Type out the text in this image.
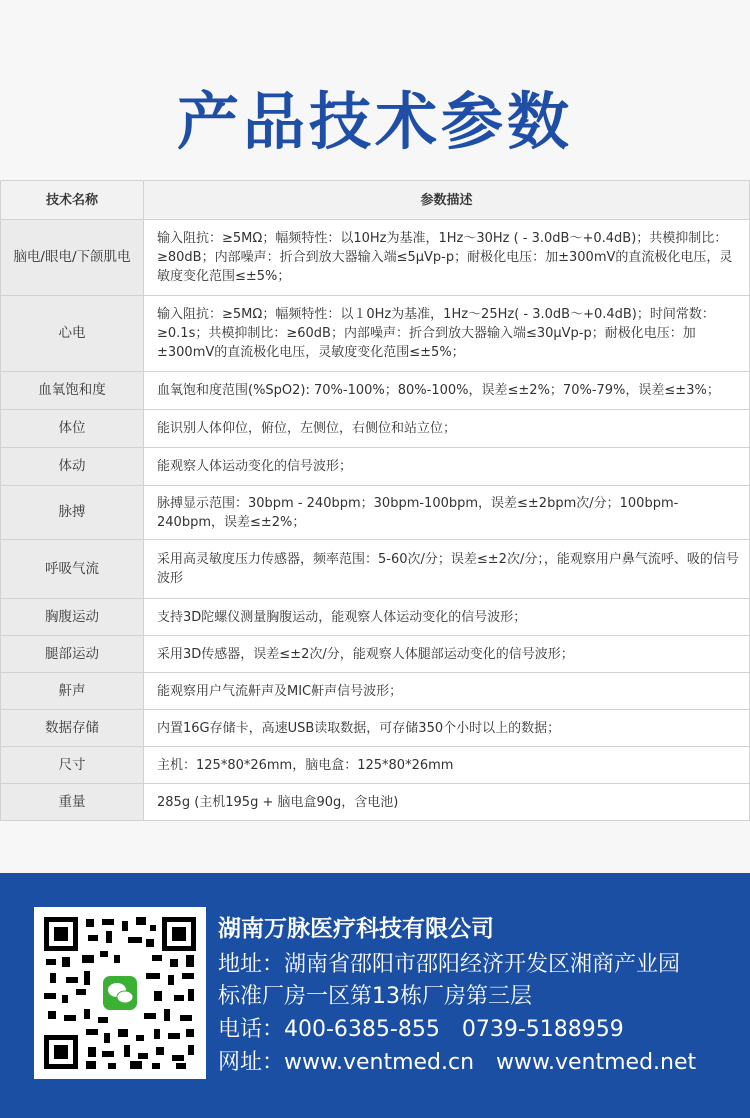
产品技术参数
技术名称	参数描述
脑电/眼电/下颌肌电	输入阻抗：≥5MΩ；幅频特性：以10Hz为基准，1Hz～30Hz ( - 3.0dB～+0.4dB)；共模抑制比：≥80dB；内部噪声：折合到放大器输入端≤5μVp-p；耐极化电压：加±300mV的直流极化电压，灵敏度变化范围≤±5%；
心电	输入阻抗：≥5MΩ；幅频特性：以１0Hz为基准，1Hz～25Hz( - 3.0dB～+0.4dB)；时间常数：≥0.1s；共模抑制比：≥60dB；内部噪声：折合到放大器输入端≤30μVp-p；耐极化电压：加±300mV的直流极化电压，灵敏度变化范围≤±5%；
血氧饱和度	血氧饱和度范围(%SpO2): 70%-100%；80%-100%，误差≤±2%；70%-79%，误差≤±3%；
体位	能识别人体仰位，俯位，左侧位，右侧位和站立位；
体动	能观察人体运动变化的信号波形；
脉搏	脉搏显示范围：30bpm - 240bpm；30bpm-100bpm，误差≤±2bpm次/分；100bpm-240bpm，误差≤±2%；
呼吸气流	采用高灵敏度压力传感器，频率范围：5-60次/分；误差≤±2次/分；，能观察用户鼻气流呼、吸的信号波形
胸腹运动	支持3D陀螺仪测量胸腹运动，能观察人体运动变化的信号波形；
腿部运动	采用3D传感器，误差≤±2次/分，能观察人体腿部运动变化的信号波形；
鼾声	能观察用户气流鼾声及MIC鼾声信号波形；
数据存储	内置16G存储卡，高速USB读取数据，可存储350个小时以上的数据；
尺寸	主机：125*80*26mm，脑电盒：125*80*26mm
重量	285g (主机195g + 脑电盒90g，含电池)
湖南万脉医疗科技有限公司
地址：湖南省邵阳市邵阳经济开发区湘商产业园
标准厂房一区第13栋厂房第三层
电话：400-6385-855　0739-5188959
网址：www.ventmed.cn　www.ventmed.net
